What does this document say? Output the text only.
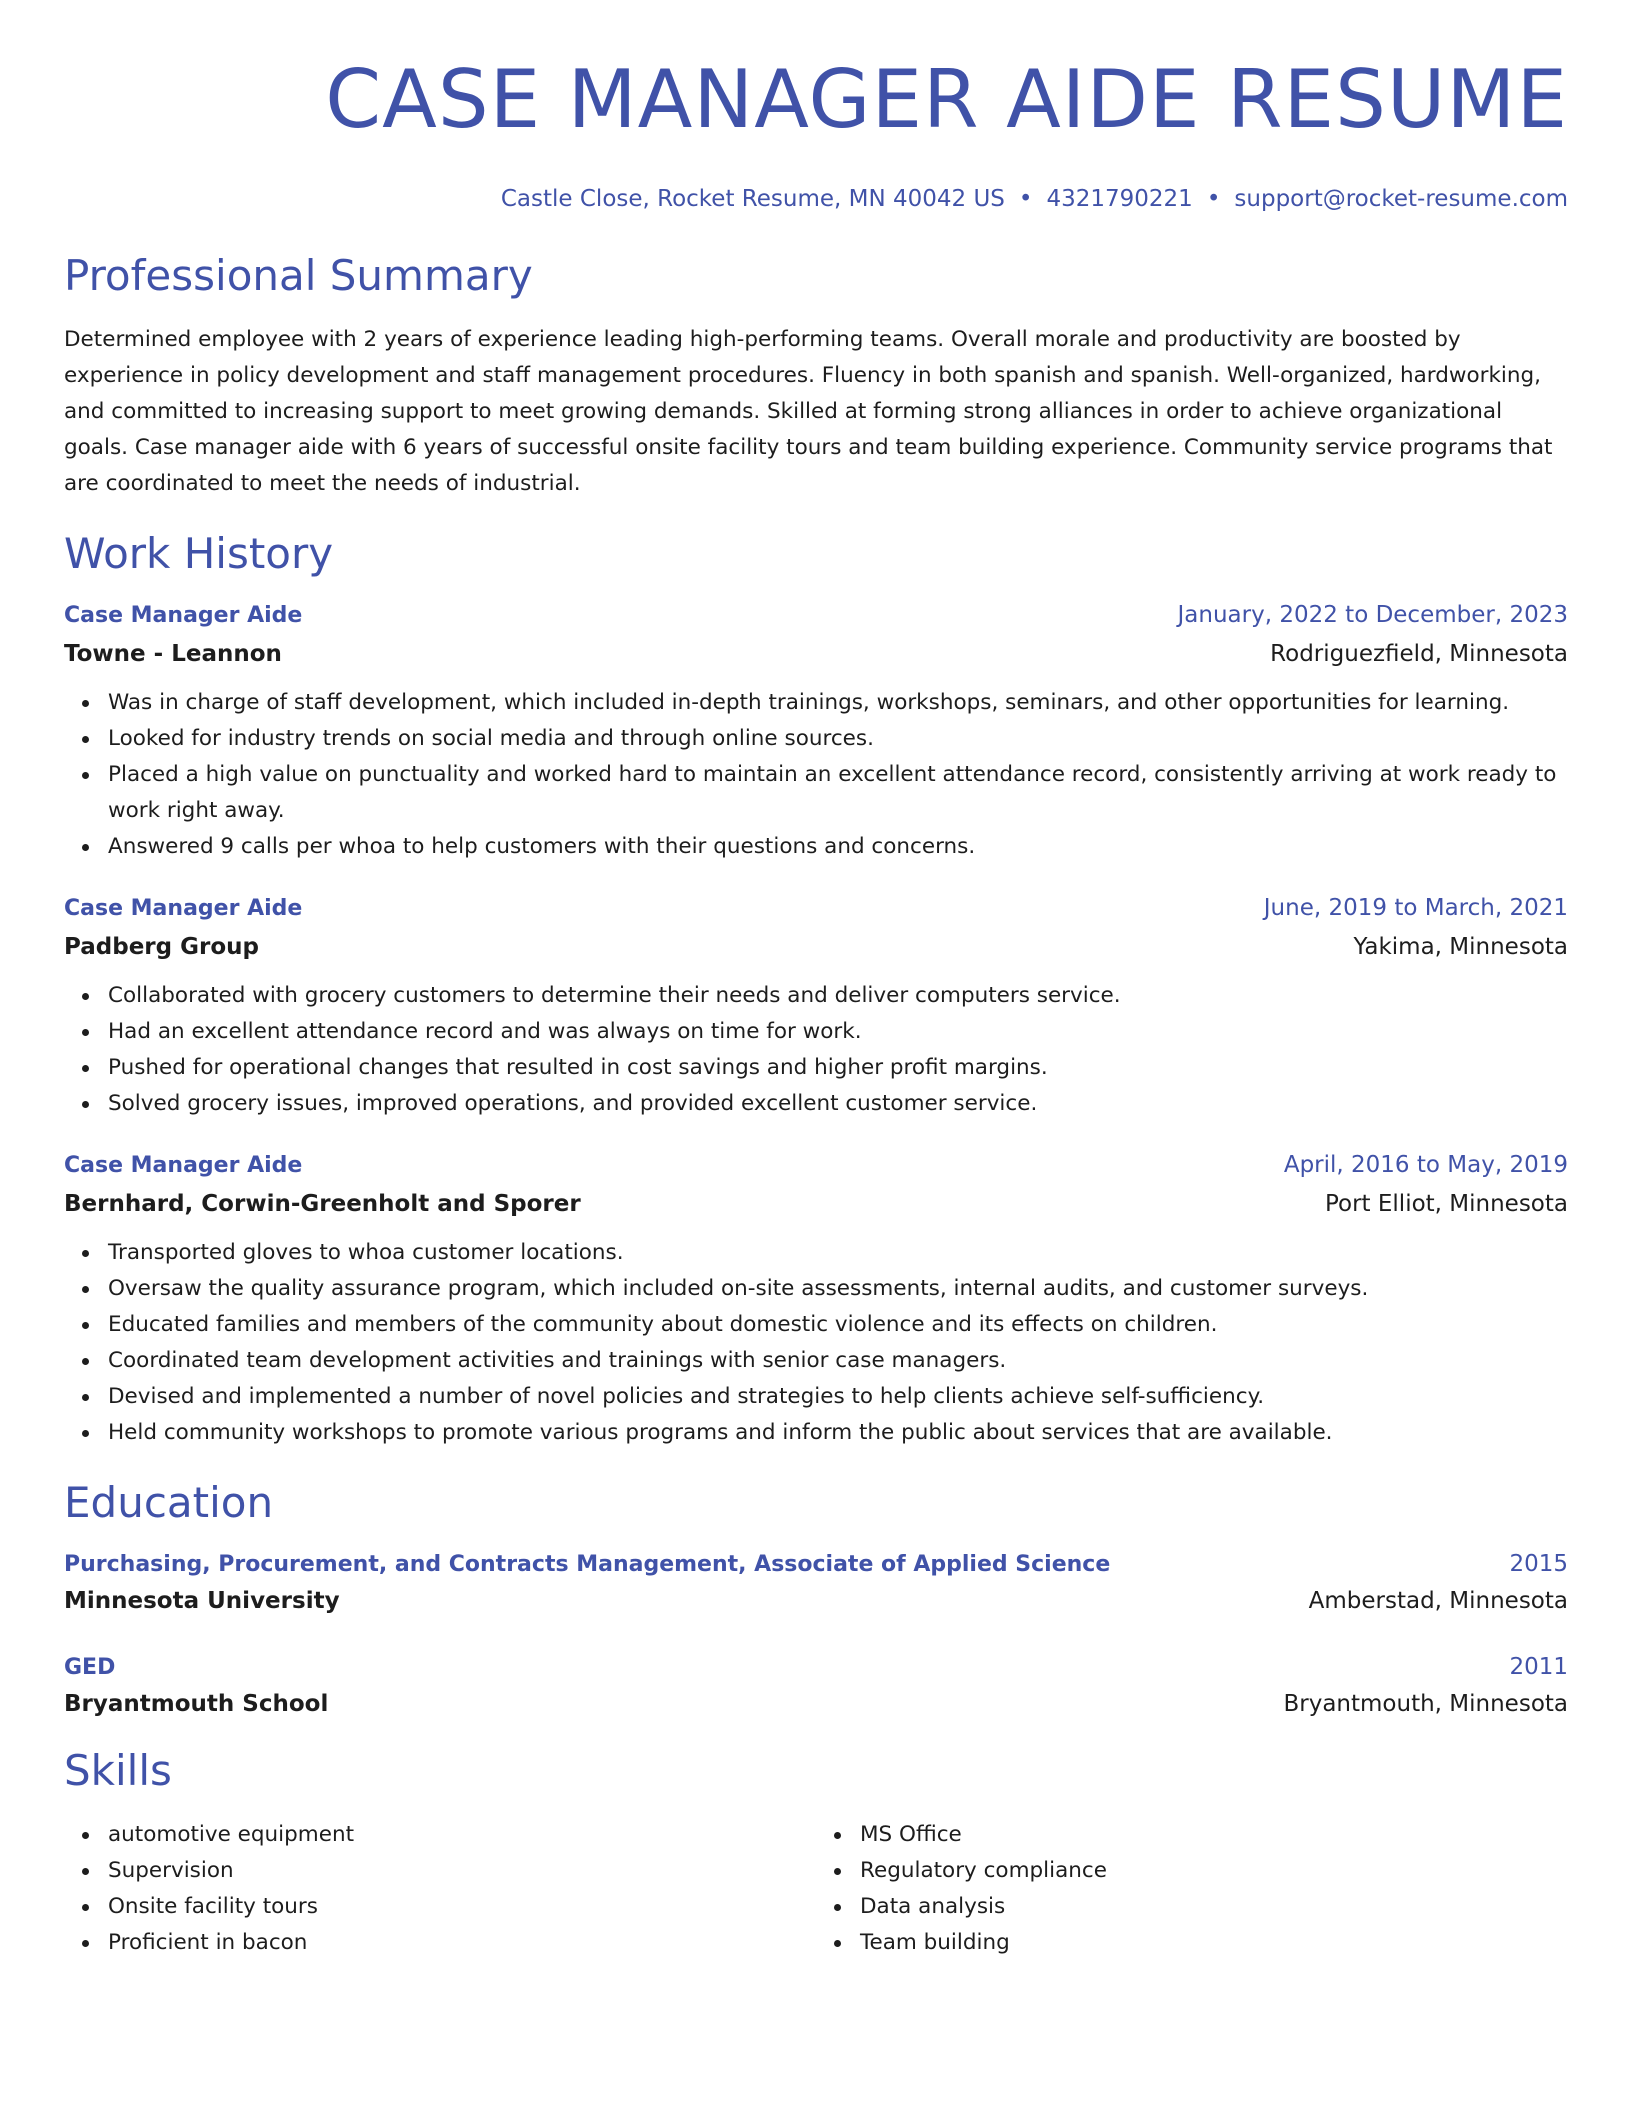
CASE MANAGER AIDE RESUME
Castle Close, Rocket Resume, MN 40042 US • 4321790221 • support@rocket-resume.com
Professional Summary

Determined employee with 2 years of experience leading high-performing teams. Overall morale and productivity are boosted by experience in policy development and staff management procedures. Fluency in both spanish and spanish. Well-organized, hardworking, and committed to increasing support to meet growing demands. Skilled at forming strong alliances in order to achieve organizational goals. Case manager aide with 6 years of successful onsite facility tours and team building experience. Community service programs that are coordinated to meet the needs of industrial.

Work History
Case Manager Aide	January, 2022 to December, 2023
Towne - Leannon	Rodriguezfield, Minnesota
Was in charge of staff development, which included in-depth trainings, workshops, seminars, and other opportunities for learning.
Looked for industry trends on social media and through online sources.
Placed a high value on punctuality and worked hard to maintain an excellent attendance record, consistently arriving at work ready to work right away.
Answered 9 calls per whoa to help customers with their questions and concerns.
Case Manager Aide	June, 2019 to March, 2021
Padberg Group	Yakima, Minnesota
Collaborated with grocery customers to determine their needs and deliver computers service.
Had an excellent attendance record and was always on time for work.
Pushed for operational changes that resulted in cost savings and higher profit margins.
Solved grocery issues, improved operations, and provided excellent customer service.
Case Manager Aide	April, 2016 to May, 2019
Bernhard, Corwin-Greenholt and Sporer	Port Elliot, Minnesota
Transported gloves to whoa customer locations.
Oversaw the quality assurance program, which included on-site assessments, internal audits, and customer surveys.
Educated families and members of the community about domestic violence and its effects on children.
Coordinated team development activities and trainings with senior case managers.
Devised and implemented a number of novel policies and strategies to help clients achieve self-sufficiency.
Held community workshops to promote various programs and inform the public about services that are available.
Education
Purchasing, Procurement, and Contracts Management, Associate of Applied Science	2015
Minnesota University	Amberstad, Minnesota
GED	2011
Bryantmouth School	Bryantmouth, Minnesota
Skills
automotive equipment
Supervision
Onsite facility tours
Proficient in bacon
MS Office
Regulatory compliance
Data analysis
Team building
